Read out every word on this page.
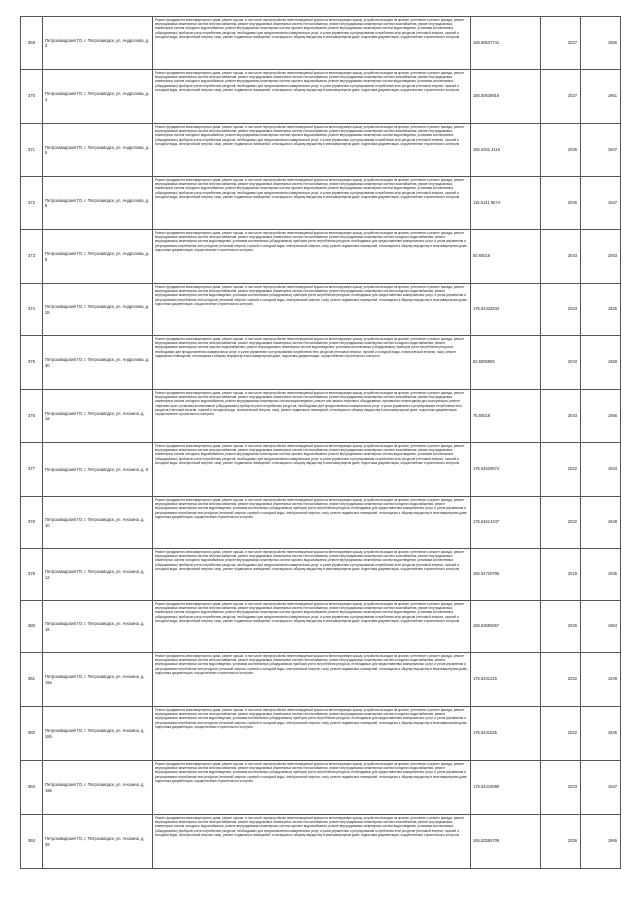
369	Петрозаводский ГО, г. Петрозаводск, ул. Андропова, д. 3	Ремонт фундамента многоквартирного дома, ремонт крыши, в том числе переустройство невентилируемой крыши на вентилируемую крышу, устройство выходов на кровлю, утепление и ремонт фасада, ремонт внутридомовых инженерных систем электроснабжения, ремонт внутридомовых инженерных систем теплоснабжения, ремонт внутридомовых инженерных систем газоснабжения, ремонт внутридомовых инженерных систем холодного водоснабжения, ремонт внутридомовых инженерных систем горячего водоснабжения, ремонт внутридомовых инженерных систем водоотведения, установка коллективных (общедомовых) приборов учета потребления ресурсов, необходимых для предоставления коммунальных услуг, и узлов управления и регулирования потребления этих ресурсов (тепловой энергии, горячей и холодной воды, электрической энергии, газа), ремонт подвальных помещений, относящихся к общему имуществу в многоквартирном доме, подготовка документации, осуществление строительного контроля	155.50537741	2027	1956
370	Петрозаводский ГО, г. Петрозаводск, ул. Андропова, д. 4	Ремонт фундамента многоквартирного дома, ремонт крыши, в том числе переустройство невентилируемой крыши на вентилируемую крышу, устройство выходов на кровлю, утепление и ремонт фасада, ремонт внутридомовых инженерных систем электроснабжения, ремонт внутридомовых инженерных систем теплоснабжения, ремонт внутридомовых инженерных систем газоснабжения, ремонт внутридомовых инженерных систем холодного водоснабжения, ремонт внутридомовых инженерных систем горячего водоснабжения, ремонт внутридомовых инженерных систем водоотведения, установка коллективных (общедомовых) приборов учета потребления ресурсов, необходимых для предоставления коммунальных услуг, и узлов управления и регулирования потребления этих ресурсов (тепловой энергии, горячей и холодной воды, электрической энергии, газа), ремонт подвальных помещений, относящихся к общему имуществу в многоквартирном доме, подготовка документации, осуществление строительного контроля	155.50538916	2027	1961
371	Петрозаводский ГО, г. Петрозаводск, ул. Андропова, д. 5	Ремонт фундамента многоквартирного дома, ремонт крыши, в том числе переустройство невентилируемой крыши на вентилируемую крышу, устройство выходов на кровлю, утепление и ремонт фасада, ремонт внутридомовых инженерных систем электроснабжения, ремонт внутридомовых инженерных систем теплоснабжения, ремонт внутридомовых инженерных систем газоснабжения, ремонт внутридомовых инженерных систем холодного водоснабжения, ремонт внутридомовых инженерных систем горячего водоснабжения, ремонт внутридомовых инженерных систем водоотведения, установка коллективных (общедомовых) приборов учета потребления ресурсов, необходимых для предоставления коммунальных услуг, и узлов управления и регулирования потребления этих ресурсов (тепловой энергии, горячей и холодной воды, электрической энергии, газа), ремонт подвальных помещений, относящихся к общему имуществу в многоквартирном доме, подготовка документации, осуществление строительного контроля	155.5341 4116	2026	1947
372	Петрозаводский ГО, г. Петрозаводск, ул. Андропова, д. 6	Ремонт фундамента многоквартирного дома, ремонт крыши, в том числе переустройство невентилируемой крыши на вентилируемую крышу, устройство выходов на кровлю, утепление и ремонт фасада, ремонт внутридомовых инженерных систем электроснабжения, ремонт внутридомовых инженерных систем теплоснабжения, ремонт внутридомовых инженерных систем газоснабжения, ремонт внутридомовых инженерных систем холодного водоснабжения, ремонт внутридомовых инженерных систем горячего водоснабжения, ремонт внутридомовых инженерных систем водоотведения, установка коллективных (общедомовых) приборов учета потребления ресурсов, необходимых для предоставления коммунальных услуг, и узлов управления и регулирования потребления этих ресурсов (тепловой энергии, горячей и холодной воды, электрической энергии, газа), ремонт подвальных помещений, относящихся к общему имуществу в многоквартирном доме, подготовка документации, осуществление строительного контроля	115.5141 9674	2026	1947
373	Петрозаводский ГО, г. Петрозаводск, ул. Андропова, д. 9	Ремонт фундамента многоквартирного дома, ремонт крыши, в том числе переустройство невентилируемой крыши на вентилируемую крышу, устройство выходов на кровлю, утепление и ремонт фасада, ремонт внутридомовых инженерных систем электроснабжения, ремонт внутридомовых инженерных систем теплоснабжения, ремонт внутридомовых инженерных систем холодного водоснабжения, ремонт внутридомовых инженерных систем водоотведения, установка коллективных (общедомовых) приборов учета потребления ресурсов, необходимых для предоставления коммунальных услуг, и узлов управления и регулирования потребления этих ресурсов (тепловой энергии, горячей и холодной воды, электрической энергии, газа), ремонт подвальных помещений, относящихся к общему имуществу в многоквартирном доме, подготовка документации, осуществление строительного контроля	50.50016	2043	2003
374	Петрозаводский ГО, г. Петрозаводск, ул. Андропова, д. 28	Ремонт фундамента многоквартирного дома, ремонт крыши, в том числе переустройство невентилируемой крыши на вентилируемую крышу, устройство выходов на кровлю, утепление и ремонт фасада, ремонт внутридомовых инженерных систем электроснабжения, ремонт внутридомовых инженерных систем теплоснабжения, ремонт внутридомовых инженерных систем холодного водоснабжения, ремонт внутридомовых инженерных систем водоотведения, установка коллективных (общедомовых) приборов учета потребления ресурсов, необходимых для предоставления коммунальных услуг, и узлов управления и регулирования потребления этих ресурсов (тепловой энергии, горячей и холодной воды, электрической энергии, газа), ремонт подвальных помещений, относящихся к общему имуществу в многоквартирном доме, подготовка документации, осуществление строительного контроля	175.54332844	2023	1926
375	Петрозаводский ГО, г. Петрозаводск, ул. Андропова, д. 30	Ремонт фундамента многоквартирного дома, ремонт крыши, в том числе переустройство невентилируемой крыши на вентилируемую крышу, устройство выходов на кровлю, утепление и ремонт фасада, ремонт внутридомовых инженерных систем электроснабжения, ремонт внутридомовых инженерных систем теплоснабжения, ремонт внутридомовых инженерных систем холодного водоснабжения, ремонт внутридомовых инженерных систем горячего водоснабжения, ремонт внутридомовых инженерных систем водоотведения, установка коллективных (общедомовых) приборов учета потребления ресурсов, необходимых для предоставления коммунальных услуг, и узлов управления и регулирования потребления этих ресурсов (тепловой энергии, горячей и холодной воды, электрической энергии, газа), ремонт подвальных помещений, относящихся к общему имуществу в многоквартирном доме, подготовка документации, осуществление строительного контроля	50.5005993	2043	1959
376	Петрозаводский ГО, г. Петрозаводск, ул. Анохина, д. 1а	Ремонт фундамента многоквартирного дома, ремонт крыши, в том числе переустройство невентилируемой крыши на вентилируемую крышу, устройство выходов на кровлю, утепление и ремонт фасада, ремонт внутридомовых инженерных систем электроснабжения, ремонт внутридомовых инженерных систем теплоснабжения, ремонт внутридомовых инженерных систем газоснабжения, ремонт внутридомовых инженерных систем холодного водоснабжения, ремонт внутридомовых инженерных систем водоотведения, ремонт или замена лифтового оборудования, признанного непригодным для эксплуатации, ремонт лифтовых шахт, установка коллективных (общедомовых) приборов учета потребления ресурсов, необходимых для предоставления коммунальных услуг, и узлов управления и регулирования потребления этих ресурсов (тепловой энергии, горячей и холодной воды, электрической энергии, газа), ремонт подвальных помещений, относящихся к общему имуществу в многоквартирном доме, подготовка документации, осуществление строительного контроля	75.50018	2043	1966
377	Петрозаводский ГО, г. Петрозаводск, ул. Анохина, д. 8	Ремонт фундамента многоквартирного дома, ремонт крыши, в том числе переустройство невентилируемой крыши на вентилируемую крышу, устройство выходов на кровлю, утепление и ремонт фасада, ремонт внутридомовых инженерных систем электроснабжения, ремонт внутридомовых инженерных систем теплоснабжения, ремонт внутридомовых инженерных систем газоснабжения, ремонт внутридомовых инженерных систем холодного водоснабжения, ремонт внутридомовых инженерных систем горячего водоснабжения, ремонт внутридомовых инженерных систем водоотведения, установка коллективных (общедомовых) приборов учета потребления ресурсов, необходимых для предоставления коммунальных услуг, и узлов управления и регулирования потребления этих ресурсов (тепловой энергии, горячей и холодной воды, электрической энергии, газа), ремонт подвальных помещений, относящихся к общему имуществу в многоквартирном доме, подготовка документации, осуществление строительного контроля	175.54629674	2022	1934
378	Петрозаводский ГО, г. Петрозаводск, ул. Анохина, д. 10	Ремонт фундамента многоквартирного дома, ремонт крыши, в том числе переустройство невентилируемой крыши на вентилируемую крышу, устройство выходов на кровлю, утепление и ремонт фасада, ремонт внутридомовых инженерных систем электроснабжения, ремонт внутридомовых инженерных систем теплоснабжения, ремонт внутридомовых инженерных систем холодного водоснабжения, ремонт внутридомовых инженерных систем водоотведения, установка коллективных (общедомовых) приборов учета потребления ресурсов, необходимых для предоставления коммунальных услуг, и узлов управления и регулирования потребления этих ресурсов (тепловой энергии, горячей и холодной воды, электрической энергии, газа), ремонт подвальных помещений, относящихся к общему имуществу в многоквартирном доме, подготовка документации, осуществление строительного контроля	175.54614247	2022	1948
379	Петрозаводский ГО, г. Петрозаводск, ул. Анохина, д. 12	Ремонт фундамента многоквартирного дома, ремонт крыши, в том числе переустройство невентилируемой крыши на вентилируемую крышу, устройство выходов на кровлю, утепление и ремонт фасада, ремонт внутридомовых инженерных систем электроснабжения, ремонт внутридомовых инженерных систем теплоснабжения, ремонт внутридомовых инженерных систем газоснабжения, ремонт внутридомовых инженерных систем холодного водоснабжения, ремонт внутридомовых инженерных систем горячего водоснабжения, ремонт внутридомовых инженерных систем водоотведения, установка коллективных (общедомовых) приборов учета потребления ресурсов, необходимых для предоставления коммунальных услуг, и узлов управления и регулирования потребления этих ресурсов (тепловой энергии, горячей и холодной воды, электрической энергии, газа), ремонт подвальных помещений, относящихся к общему имуществу в многоквартирном доме, подготовка документации, осуществление строительного контроля	155.54720798	2019	1935
380	Петрозаводский ГО, г. Петрозаводск, ул. Анохина, д. 18	Ремонт фундамента многоквартирного дома, ремонт крыши, в том числе переустройство невентилируемой крыши на вентилируемую крышу, устройство выходов на кровлю, утепление и ремонт фасада, ремонт внутридомовых инженерных систем электроснабжения, ремонт внутридомовых инженерных систем теплоснабжения, ремонт внутридомовых инженерных систем газоснабжения, ремонт внутридомовых инженерных систем холодного водоснабжения, ремонт внутридомовых инженерных систем горячего водоснабжения, ремонт внутридомовых инженерных систем водоотведения, установка коллективных (общедомовых) приборов учета потребления ресурсов, необходимых для предоставления коммунальных услуг, и узлов управления и регулирования потребления этих ресурсов (тепловой энергии, горячей и холодной воды, электрической энергии, газа), ремонт подвальных помещений, относящихся к общему имуществу в многоквартирном доме, подготовка документации, осуществление строительного контроля	155.53696657	2026	1964
381	Петрозаводский ГО, г. Петрозаводск, ул. Анохина, д. 19а	Ремонт фундамента многоквартирного дома, ремонт крыши, в том числе переустройство невентилируемой крыши на вентилируемую крышу, устройство выходов на кровлю, утепление и ремонт фасада, ремонт внутридомовых инженерных систем электроснабжения, ремонт внутридомовых инженерных систем теплоснабжения, ремонт внутридомовых инженерных систем холодного водоснабжения, ремонт внутридомовых инженерных систем водоотведения, установка коллективных (общедомовых) приборов учета потребления ресурсов, необходимых для предоставления коммунальных услуг, и узлов управления и регулирования потребления этих ресурсов (тепловой энергии, горячей и холодной воды, электрической энергии, газа), ремонт подвальных помещений, относящихся к общему имуществу в многоквартирном доме, подготовка документации, осуществление строительного контроля	175.5431215	2022	1949
382	Петрозаводский ГО, г. Петрозаводск, ул. Анохина, д. 19б	Ремонт фундамента многоквартирного дома, ремонт крыши, в том числе переустройство невентилируемой крыши на вентилируемую крышу, устройство выходов на кровлю, утепление и ремонт фасада, ремонт внутридомовых инженерных систем электроснабжения, ремонт внутридомовых инженерных систем теплоснабжения, ремонт внутридомовых инженерных систем холодного водоснабжения, ремонт внутридомовых инженерных систем водоотведения, установка коллективных (общедомовых) приборов учета потребления ресурсов, необходимых для предоставления коммунальных услуг, и узлов управления и регулирования потребления этих ресурсов (тепловой энергии, горячей и холодной воды, электрической энергии, газа), ремонт подвальных помещений, относящихся к общему имуществу в многоквартирном доме, подготовка документации, осуществление строительного контроля	175.5431545	2022	1945
383	Петрозаводский ГО, г. Петрозаводск, ул. Анохина, д. 19в	Ремонт фундамента многоквартирного дома, ремонт крыши, в том числе переустройство невентилируемой крыши на вентилируемую крышу, устройство выходов на кровлю, утепление и ремонт фасада, ремонт внутридомовых инженерных систем электроснабжения, ремонт внутридомовых инженерных систем теплоснабжения, ремонт внутридомовых инженерных систем холодного водоснабжения, ремонт внутридомовых инженерных систем водоотведения, установка коллективных (общедомовых) приборов учета потребления ресурсов, необходимых для предоставления коммунальных услуг, и узлов управления и регулирования потребления этих ресурсов (тепловой энергии, горячей и холодной воды, электрической энергии, газа), ремонт подвальных помещений, относящихся к общему имуществу в многоквартирном доме, подготовка документации, осуществление строительного контроля	175.54315098	2023	1947
384	Петрозаводский ГО, г. Петрозаводск, ул. Анохина, д. 26	Ремонт фундамента многоквартирного дома, ремонт крыши, в том числе переустройство невентилируемой крыши на вентилируемую крышу, устройство выходов на кровлю, утепление и ремонт фасада, ремонт внутридомовых инженерных систем электроснабжения, ремонт внутридомовых инженерных систем теплоснабжения, ремонт внутридомовых инженерных систем газоснабжения, ремонт внутридомовых инженерных систем холодного водоснабжения, ремонт внутридомовых инженерных систем горячего водоснабжения, ремонт внутридомовых инженерных систем водоотведения, установка коллективных (общедомовых) приборов учета потребления ресурсов, необходимых для предоставления коммунальных услуг, и узлов управления и регулирования потребления этих ресурсов (тепловой энергии, горячей и холодной воды, электрической энергии, газа), ремонт подвальных помещений, относящихся к общему имуществу в многоквартирном доме, подготовка документации, осуществление строительного контроля	155.53385709	2026	1965
